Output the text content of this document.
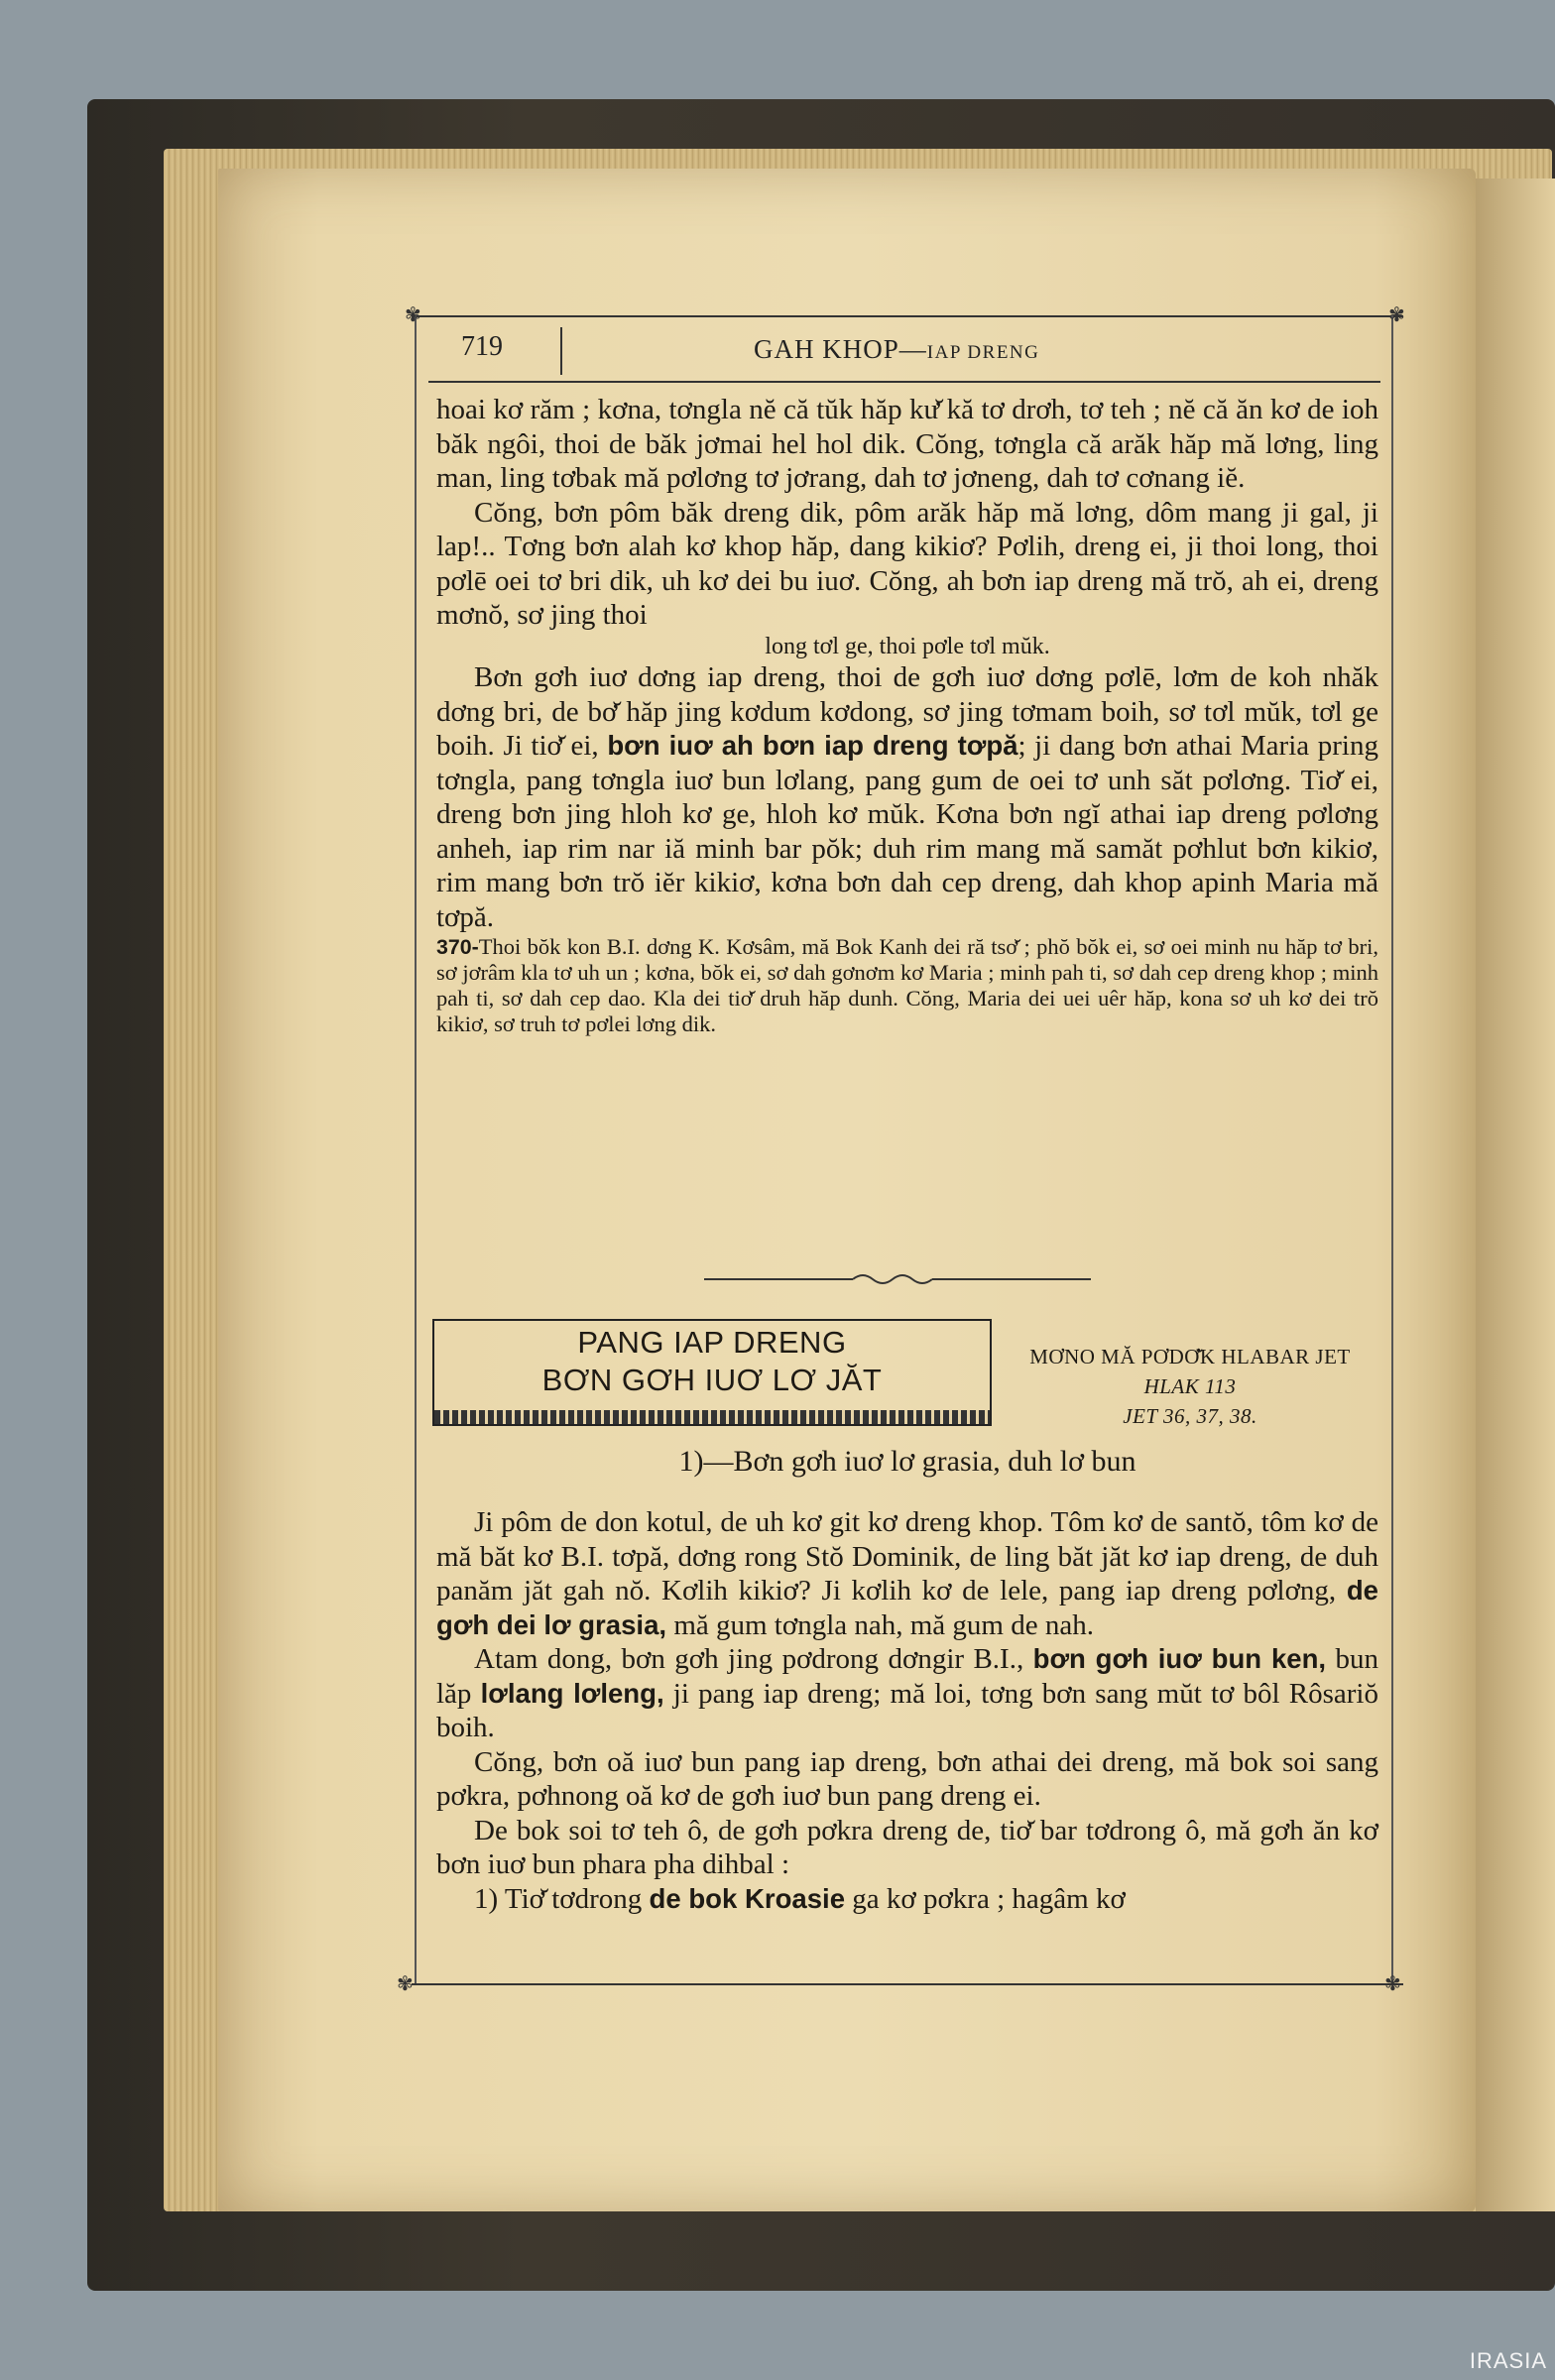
✾	✾
✾	✾
719	GAH KHOP—IAP DRENG

hoai kơ răm ; kơna, tơngla nĕ că tŭk hăp kư̆ kă tơ drơh, tơ teh ; nĕ că ăn kơ de ioh băk ngôi, thoi de băk jơmai hel hol dik. Cŏng, tơngla că arăk hăp mă lơng, ling man, ling tơbak mă pơlơng tơ jơrang, dah tơ jơneng, dah tơ cơnang iĕ.

Cŏng, bơn pôm băk dreng dik, pôm arăk hăp mă lơng, dôm mang ji gal, ji lap!.. Tơng bơn alah kơ khop hăp, dang kikiơ? Pơlih, dreng ei, ji thoi long, thoi pơlē oei tơ bri dik, uh kơ dei bu iuơ. Cŏng, ah bơn iap dreng mă trŏ, ah ei, dreng mơnŏ, sơ jing thoi

long tơl ge, thoi pơle tơl mŭk.

Bơn gơh iuơ dơng iap dreng, thoi de gơh iuơ dơng pơlē, lơm de koh nhăk dơng bri, de bơ̆ hăp jing kơdum kơdong, sơ jing tơmam boih, sơ tơl mŭk, tơl ge boih. Ji tiơ̆ ei, bơn iuơ ah bơn iap dreng tơpă; ji dang bơn athai Maria pring tơngla, pang tơngla iuơ bun lơlang, pang gum de oei tơ unh săt pơlơng. Tiơ̆ ei, dreng bơn jing hloh kơ ge, hloh kơ mŭk. Kơna bơn ngĭ athai iap dreng pơlơng anheh, iap rim nar iă minh bar pŏk; duh rim mang mă samăt pơhlut bơn kikiơ, rim mang bơn trŏ iĕr kikiơ, kơna bơn dah cep dreng, dah khop apinh Maria mă tơpă.

370-Thoi bŏk kon B.I. dơng K. Kơsâm, mă Bok Kanh dei ră tsơ̆ ; phŏ bŏk ei, sơ oei minh nu hăp tơ bri, sơ jơrâm kla tơ uh un ; kơna, bŏk ei, sơ dah gơnơm kơ Maria ; minh pah ti, sơ dah cep dreng khop ; minh pah ti, sơ dah cep dao. Kla dei tiơ̆ druh hăp dunh. Cŏng, Maria dei uei uêr hăp, kona sơ uh kơ dei trŏ kikiơ, sơ truh tơ pơlei lơng dik.

PANG IAP DRENG
BƠN GƠH IUƠ LƠ JĂT
MƠNO MĂ PƠDƠ̆K HLABAR JET
HLAK 113
JET 36, 37, 38.
1)—Bơn gơh iuơ lơ grasia, duh lơ bun

Ji pôm de don kotul, de uh kơ git kơ dreng khop. Tôm kơ de santŏ, tôm kơ de mă băt kơ B.I. tơpă, dơng rong Stŏ Dominik, de ling băt jăt kơ iap dreng, de duh panăm jăt gah nŏ. Kơlih kikiơ? Ji kơlih kơ de lele, pang iap dreng pơlơng, de gơh dei lơ grasia, mă gum tơngla nah, mă gum de nah.

Atam dong, bơn gơh jing pơdrong dơngir B.I., bơn gơh iuơ bun ken, bun lăp lơlang lơleng, ji pang iap dreng; mă loi, tơng bơn sang mŭt tơ bôl Rôsariŏ boih.

Cŏng, bơn oă iuơ bun pang iap dreng, bơn athai dei dreng, mă bok soi sang pơkra, pơhnong oă kơ de gơh iuơ bun pang dreng ei.

De bok soi tơ teh ô, de gơh pơkra dreng de, tiơ̆ bar tơdrong ô, mă gơh ăn kơ bơn iuơ bun phara pha dihbal :

1) Tiơ̆ tơdrong de bok Kroasie ga kơ pơkra ; hagâm kơ

IRASIA
